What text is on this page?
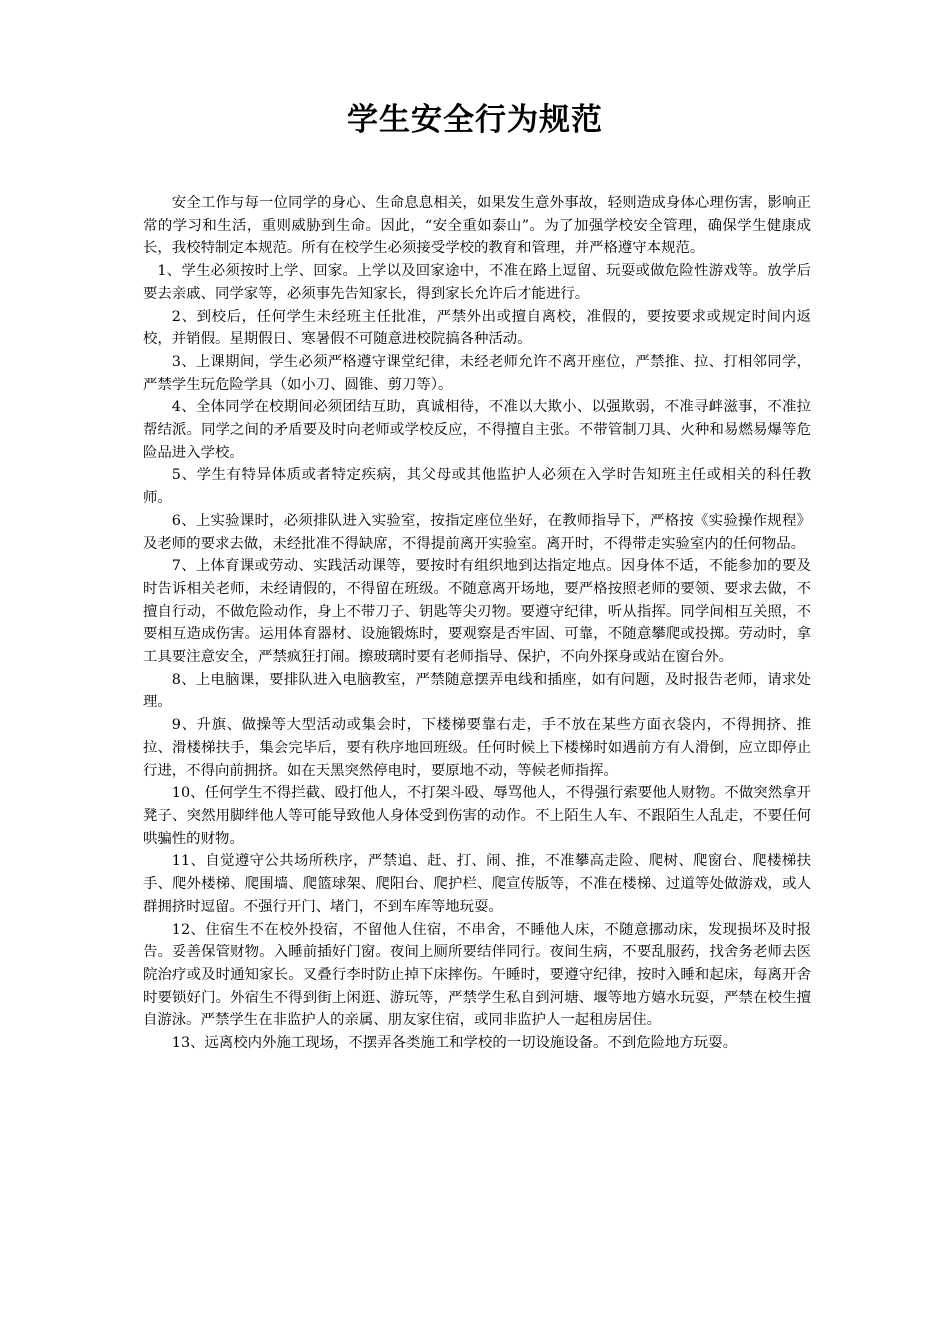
学生安全行为规范

安全工作与每一位同学的身心、生命息息相关，如果发生意外事故，轻则造成身体心理伤害，影响正常的学习和生活，重则威胁到生命。因此，“安全重如泰山”。为了加强学校安全管理，确保学生健康成长，我校特制定本规范。所有在校学生必须接受学校的教育和管理，并严格遵守本规范。

1、学生必须按时上学、回家。上学以及回家途中，不准在路上逗留、玩耍或做危险性游戏等。放学后要去亲戚、同学家等，必须事先告知家长，得到家长允许后才能进行。

2、到校后，任何学生未经班主任批准，严禁外出或擅自离校，准假的，要按要求或规定时间内返校，并销假。星期假日、寒暑假不可随意进校院搞各种活动。

3、上课期间，学生必须严格遵守课堂纪律，未经老师允许不离开座位，严禁推、拉、打相邻同学，严禁学生玩危险学具（如小刀、圆锥、剪刀等）。

4、全体同学在校期间必须团结互助，真诚相待，不准以大欺小、以强欺弱，不准寻衅滋事，不准拉帮结派。同学之间的矛盾要及时向老师或学校反应，不得擅自主张。不带管制刀具、火种和易燃易爆等危险品进入学校。

5、学生有特异体质或者特定疾病，其父母或其他监护人必须在入学时告知班主任或相关的科任教师。

6、上实验课时，必须排队进入实验室，按指定座位坐好，在教师指导下，严格按《实验操作规程》及老师的要求去做，未经批准不得缺席，不得提前离开实验室。离开时，不得带走实验室内的任何物品。

7、上体育课或劳动、实践活动课等，要按时有组织地到达指定地点。因身体不适，不能参加的要及时告诉相关老师，未经请假的，不得留在班级。不随意离开场地，要严格按照老师的要领、要求去做，不擅自行动，不做危险动作，身上不带刀子、钥匙等尖刃物。要遵守纪律，听从指挥。同学间相互关照，不要相互造成伤害。运用体育器材、设施锻炼时，要观察是否牢固、可靠，不随意攀爬或投掷。劳动时，拿工具要注意安全，严禁疯狂打闹。擦玻璃时要有老师指导、保护，不向外探身或站在窗台外。

8、上电脑课，要排队进入电脑教室，严禁随意摆弄电线和插座，如有问题，及时报告老师，请求处理。

9、升旗、做操等大型活动或集会时，下楼梯要靠右走，手不放在某些方面衣袋内，不得拥挤、推拉、滑楼梯扶手，集会完毕后，要有秩序地回班级。任何时候上下楼梯时如遇前方有人滑倒，应立即停止行进，不得向前拥挤。如在天黑突然停电时，要原地不动，等候老师指挥。

10、任何学生不得拦截、殴打他人，不打架斗殴、辱骂他人，不得强行索要他人财物。不做突然拿开凳子、突然用脚绊他人等可能导致他人身体受到伤害的动作。不上陌生人车、不跟陌生人乱走，不要任何哄骗性的财物。

11、自觉遵守公共场所秩序，严禁追、赶、打、闹、推，不准攀高走险、爬树、爬窗台、爬楼梯扶手、爬外楼梯、爬围墙、爬篮球架、爬阳台、爬护栏、爬宣传版等，不准在楼梯、过道等处做游戏，或人群拥挤时逗留。不强行开门、堵门，不到车库等地玩耍。

12、住宿生不在校外投宿，不留他人住宿，不串舍，不睡他人床，不随意挪动床，发现损坏及时报告。妥善保管财物。入睡前插好门窗。夜间上厕所要结伴同行。夜间生病，不要乱服药，找舍务老师去医院治疗或及时通知家长。叉叠行李时防止掉下床摔伤。午睡时，要遵守纪律，按时入睡和起床，每离开舍时要锁好门。外宿生不得到街上闲逛、游玩等，严禁学生私自到河塘、堰等地方嬉水玩耍，严禁在校生擅自游泳。严禁学生在非监护人的亲属、朋友家住宿，或同非监护人一起租房居住。

13、远离校内外施工现场，不摆弄各类施工和学校的一切设施设备。不到危险地方玩耍。
